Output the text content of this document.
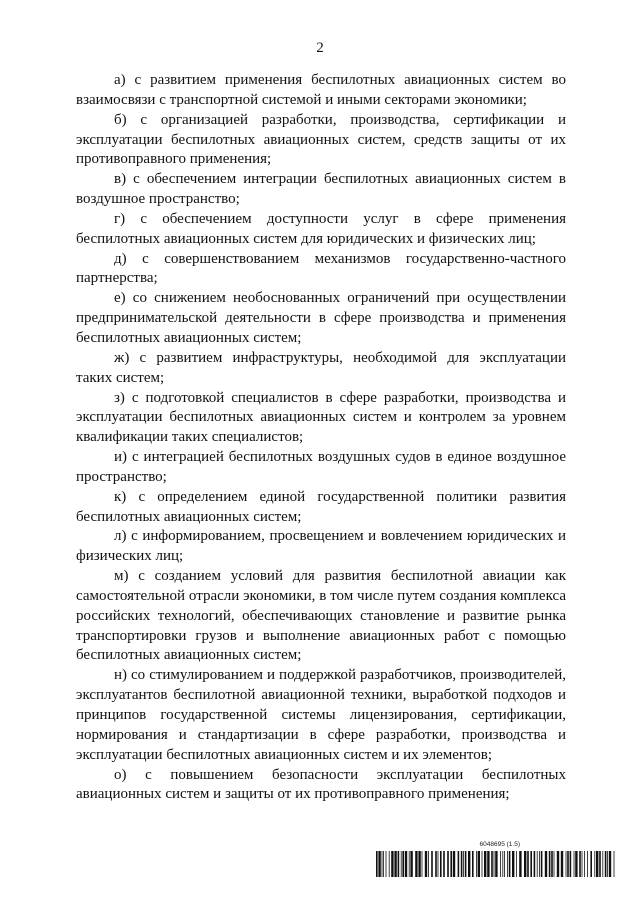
2

а) с развитием применения беспилотных авиационных систем во взаимосвязи с транспортной системой и иными секторами экономики;

б) с организацией разработки, производства, сертификации и эксплуатации беспилотных авиационных систем, средств защиты от их противоправного применения;

в) с обеспечением интеграции беспилотных авиационных систем в воздушное пространство;

г) с обеспечением доступности услуг в сфере применения беспилотных авиационных систем для юридических и физических лиц;

д) с совершенствованием механизмов государственно-частного партнерства;

е) со снижением необоснованных ограничений при осуществлении предпринимательской деятельности в сфере производства и применения беспилотных авиационных систем;

ж) с развитием инфраструктуры, необходимой для эксплуатации таких систем;

з) с подготовкой специалистов в сфере разработки, производства и эксплуатации беспилотных авиационных систем и контролем за уровнем квалификации таких специалистов;

и) с интеграцией беспилотных воздушных судов в единое воздушное пространство;

к) с определением единой государственной политики развития беспилотных авиационных систем;

л) с информированием, просвещением и вовлечением юридических и физических лиц;

м) с созданием условий для развития беспилотной авиации как самостоятельной отрасли экономики, в том числе путем создания комплекса российских технологий, обеспечивающих становление и развитие рынка транспортировки грузов и выполнение авиационных работ с помощью беспилотных авиационных систем;

н) со стимулированием и поддержкой разработчиков, производителей, эксплуатантов беспилотной авиационной техники, выработкой подходов и принципов государственной системы лицензирования, сертификации, нормирования и стандартизации в сфере разработки, производства и эксплуатации беспилотных авиационных систем и их элементов;

о) с повышением безопасности эксплуатации беспилотных авиационных систем и защиты от их противоправного применения;

6048695 (1.5)
